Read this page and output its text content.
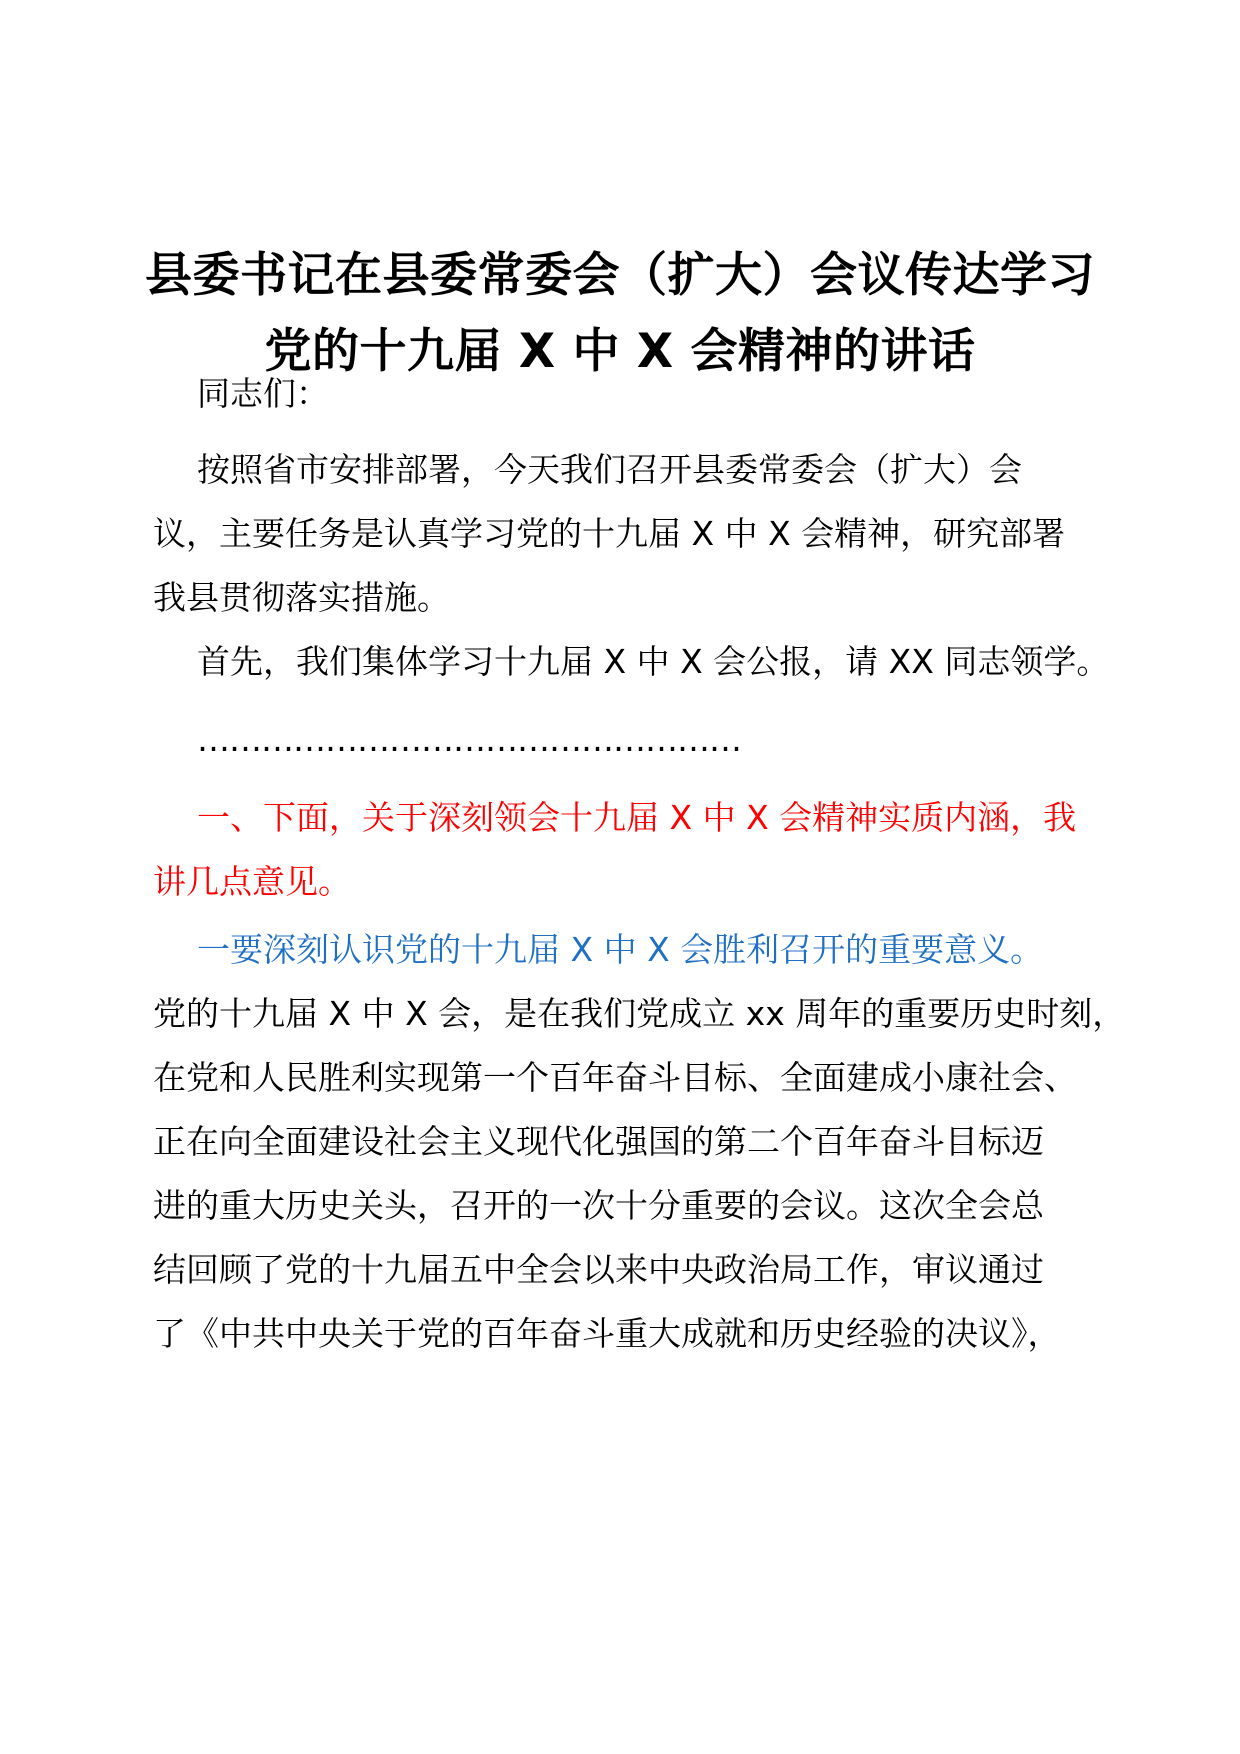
县委书记在县委常委会（扩大）会议传达学习
党的十九届 X 中 X 会精神的讲话

同志们：

按照省市安排部署，今天我们召开县委常委会（扩大）会
议，主要任务是认真学习党的十九届 X 中 X 会精神，研究部署
我县贯彻落实措施。

首先，我们集体学习十九届 X 中 X 会公报，请 XX 同志领学。

……………………………………………

一、下面，关于深刻领会十九届 X 中 X 会精神实质内涵，我
讲几点意见。

一要深刻认识党的十九届 X 中 X 会胜利召开的重要意义。
党的十九届 X 中 X 会，是在我们党成立 xx 周年的重要历史时刻，
在党和人民胜利实现第一个百年奋斗目标、全面建成小康社会、
正在向全面建设社会主义现代化强国的第二个百年奋斗目标迈
进的重大历史关头，召开的一次十分重要的会议。这次全会总
结回顾了党的十九届五中全会以来中央政治局工作，审议通过
了《中共中央关于党的百年奋斗重大成就和历史经验的决议》，
